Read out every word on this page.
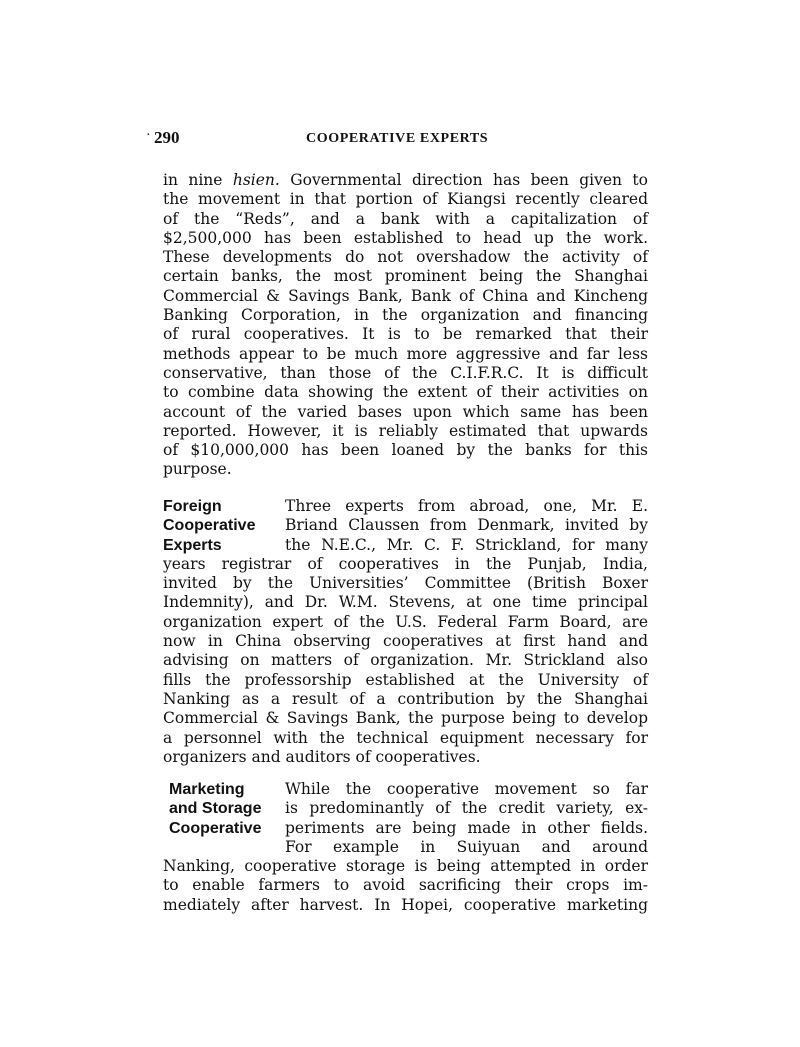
· 290	COOPERATIVE EXPERTS
in nine hsien. Governmental direction has been given to
the movement in that portion of Kiangsi recently cleared
of the “Reds”, and a bank with a capitalization of
$2,500,000 has been established to head up the work.
These developments do not overshadow the activity of
certain banks, the most prominent being the Shanghai
Commercial & Savings Bank, Bank of China and Kincheng
Banking Corporation, in the organization and financing
of rural cooperatives. It is to be remarked that their
methods appear to be much more aggressive and far less
conservative, than those of the C.I.F.R.C. It is difficult
to combine data showing the extent of their activities on
account of the varied bases upon which same has been
reported. However, it is reliably estimated that upwards
of $10,000,000 has been loaned by the banks for this
purpose.
Foreign
Cooperative
Experts
Three experts from abroad, one, Mr. E.
Briand Claussen from Denmark, invited by
the N.E.C., Mr. C. F. Strickland, for many
years registrar of cooperatives in the Punjab, India,
invited by the Universities’ Committee (British Boxer
Indemnity), and Dr. W.M. Stevens, at one time principal
organization expert of the U.S. Federal Farm Board, are
now in China observing cooperatives at first hand and
advising on matters of organization. Mr. Strickland also
fills the professorship established at the University of
Nanking as a result of a contribution by the Shanghai
Commercial & Savings Bank, the purpose being to develop
a personnel with the technical equipment necessary for
organizers and auditors of cooperatives.
Marketing
and Storage
Cooperative
While the cooperative movement so far
is predominantly of the credit variety, ex-
periments are being made in other fields.
For example in Suiyuan and around
Nanking, cooperative storage is being attempted in order
to enable farmers to avoid sacrificing their crops im-
mediately after harvest. In Hopei, cooperative marketing
